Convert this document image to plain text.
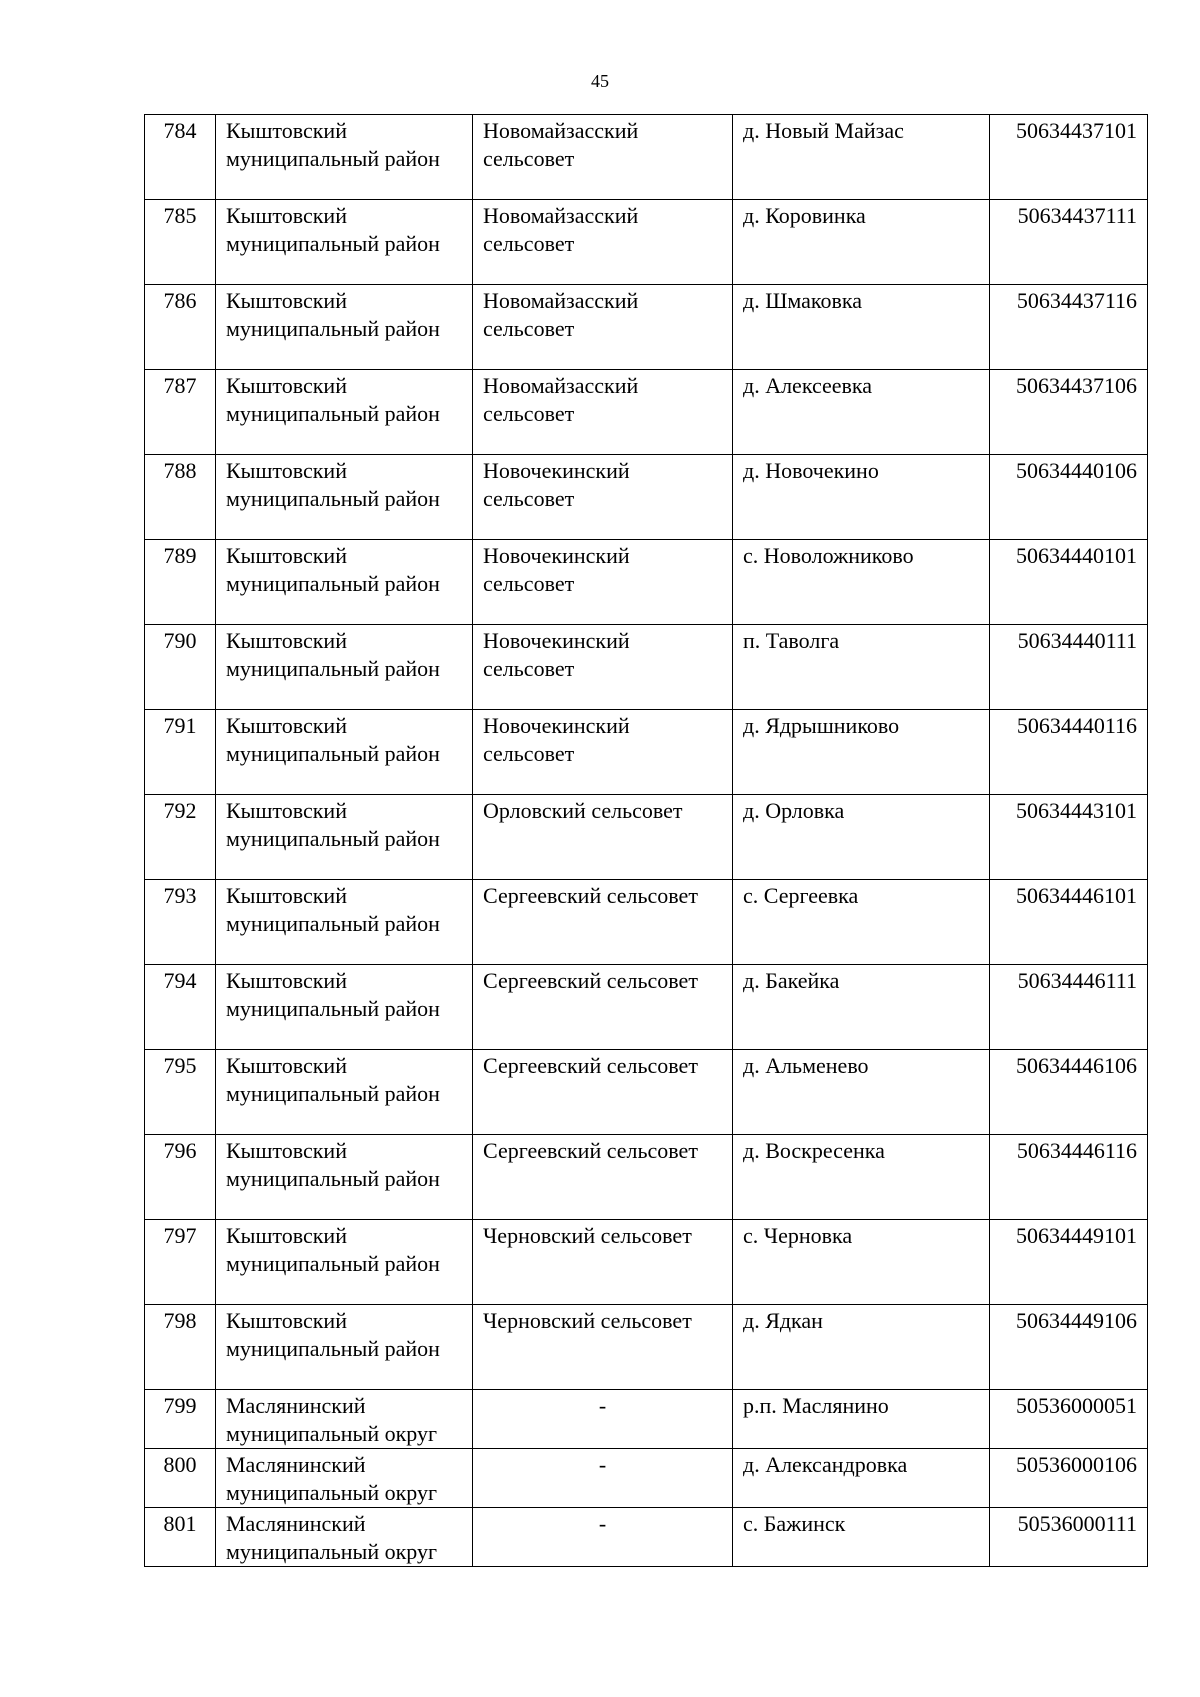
45
784	Кыштовский муниципальный район	Новомайзасский сельсовет	д. Новый Майзас	50634437101
785	Кыштовский муниципальный район	Новомайзасский сельсовет	д. Коровинка	50634437111
786	Кыштовский муниципальный район	Новомайзасский сельсовет	д. Шмаковка	50634437116
787	Кыштовский муниципальный район	Новомайзасский сельсовет	д. Алексеевка	50634437106
788	Кыштовский муниципальный район	Новочекинский сельсовет	д. Новочекино	50634440106
789	Кыштовский муниципальный район	Новочекинский сельсовет	с. Новоложниково	50634440101
790	Кыштовский муниципальный район	Новочекинский сельсовет	п. Таволга	50634440111
791	Кыштовский муниципальный район	Новочекинский сельсовет	д. Ядрышниково	50634440116
792	Кыштовский муниципальный район	Орловский сельсовет	д. Орловка	50634443101
793	Кыштовский муниципальный район	Сергеевский сельсовет	с. Сергеевка	50634446101
794	Кыштовский муниципальный район	Сергеевский сельсовет	д. Бакейка	50634446111
795	Кыштовский муниципальный район	Сергеевский сельсовет	д. Альменево	50634446106
796	Кыштовский муниципальный район	Сергеевский сельсовет	д. Воскресенка	50634446116
797	Кыштовский муниципальный район	Черновский сельсовет	с. Черновка	50634449101
798	Кыштовский муниципальный район	Черновский сельсовет	д. Ядкан	50634449106
799	Маслянинский муниципальный округ	-	р.п. Маслянино	50536000051
800	Маслянинский муниципальный округ	-	д. Александровка	50536000106
801	Маслянинский муниципальный округ	-	с. Бажинск	50536000111
